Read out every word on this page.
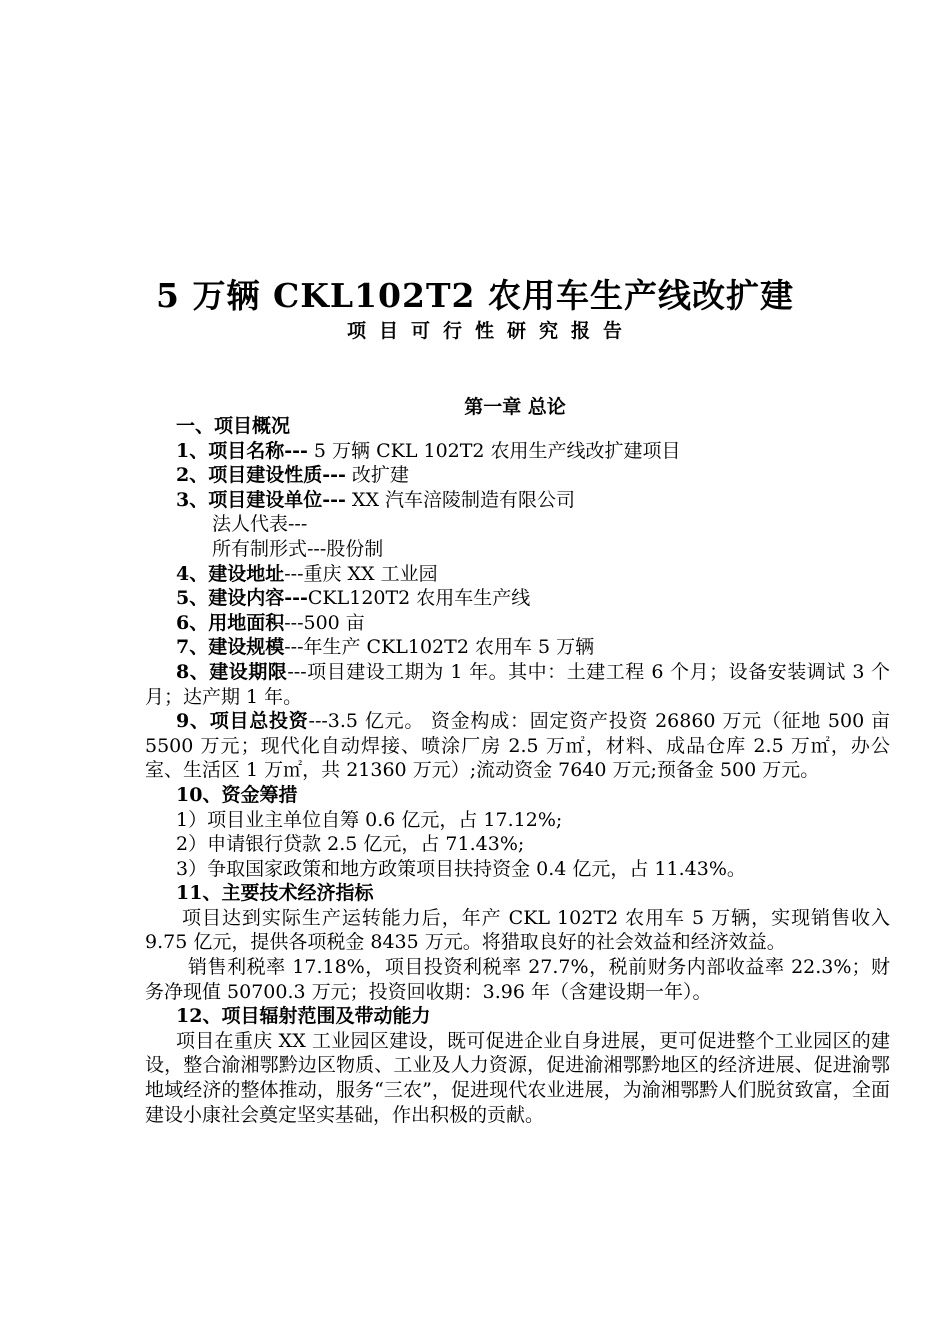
5 万辆 CKL102T2 农用车生产线改扩建
项目可行性研究报告
第一章 总论
一、项目概况
1、项目名称--- 5 万辆 CKL 102T2 农用生产线改扩建项目
2、项目建设性质--- 改扩建
3、项目建设单位--- XX 汽车涪陵制造有限公司
法人代表---
所有制形式---股份制
4、建设地址---重庆 XX 工业园
5、建设内容---CKL120T2 农用车生产线
6、用地面积---500 亩
7、建设规模---年生产 CKL102T2 农用车 5 万辆
8、建设期限---项目建设工期为 1 年。其中：土建工程 6 个月；设备安装调试 3 个月；达产期 1 年。
9、项目总投资---3.5 亿元。 资金构成：固定资产投资 26860 万元（征地 500 亩 5500 万元；现代化自动焊接、喷涂厂房 2.5 万㎡，材料、成品仓库 2.5 万㎡，办公室、生活区 1 万㎡，共 21360 万元）;流动资金 7640 万元;预备金 500 万元。
10、资金筹措
1）项目业主单位自筹 0.6 亿元，占 17.12%;
2）申请银行贷款 2.5 亿元，占 71.43%;
3）争取国家政策和地方政策项目扶持资金 0.4 亿元，占 11.43%。
11、主要技术经济指标
项目达到实际生产运转能力后，年产 CKL 102T2 农用车 5 万辆，实现销售收入 9.75 亿元，提供各项税金 8435 万元。将猎取良好的社会效益和经济效益。
销售利税率 17.18%，项目投资利税率 27.7%，税前财务内部收益率 22.3%；财务净现值 50700.3 万元；投资回收期：3.96 年（含建设期一年）。
12、项目辐射范围及带动能力
项目在重庆 XX 工业园区建设，既可促进企业自身进展，更可促进整个工业园区的建设，整合渝湘鄂黔边区物质、工业及人力资源，促进渝湘鄂黔地区的经济进展、促进渝鄂地域经济的整体推动，服务“三农”，促进现代农业进展，为渝湘鄂黔人们脱贫致富，全面建设小康社会奠定坚实基础，作出积极的贡献。
